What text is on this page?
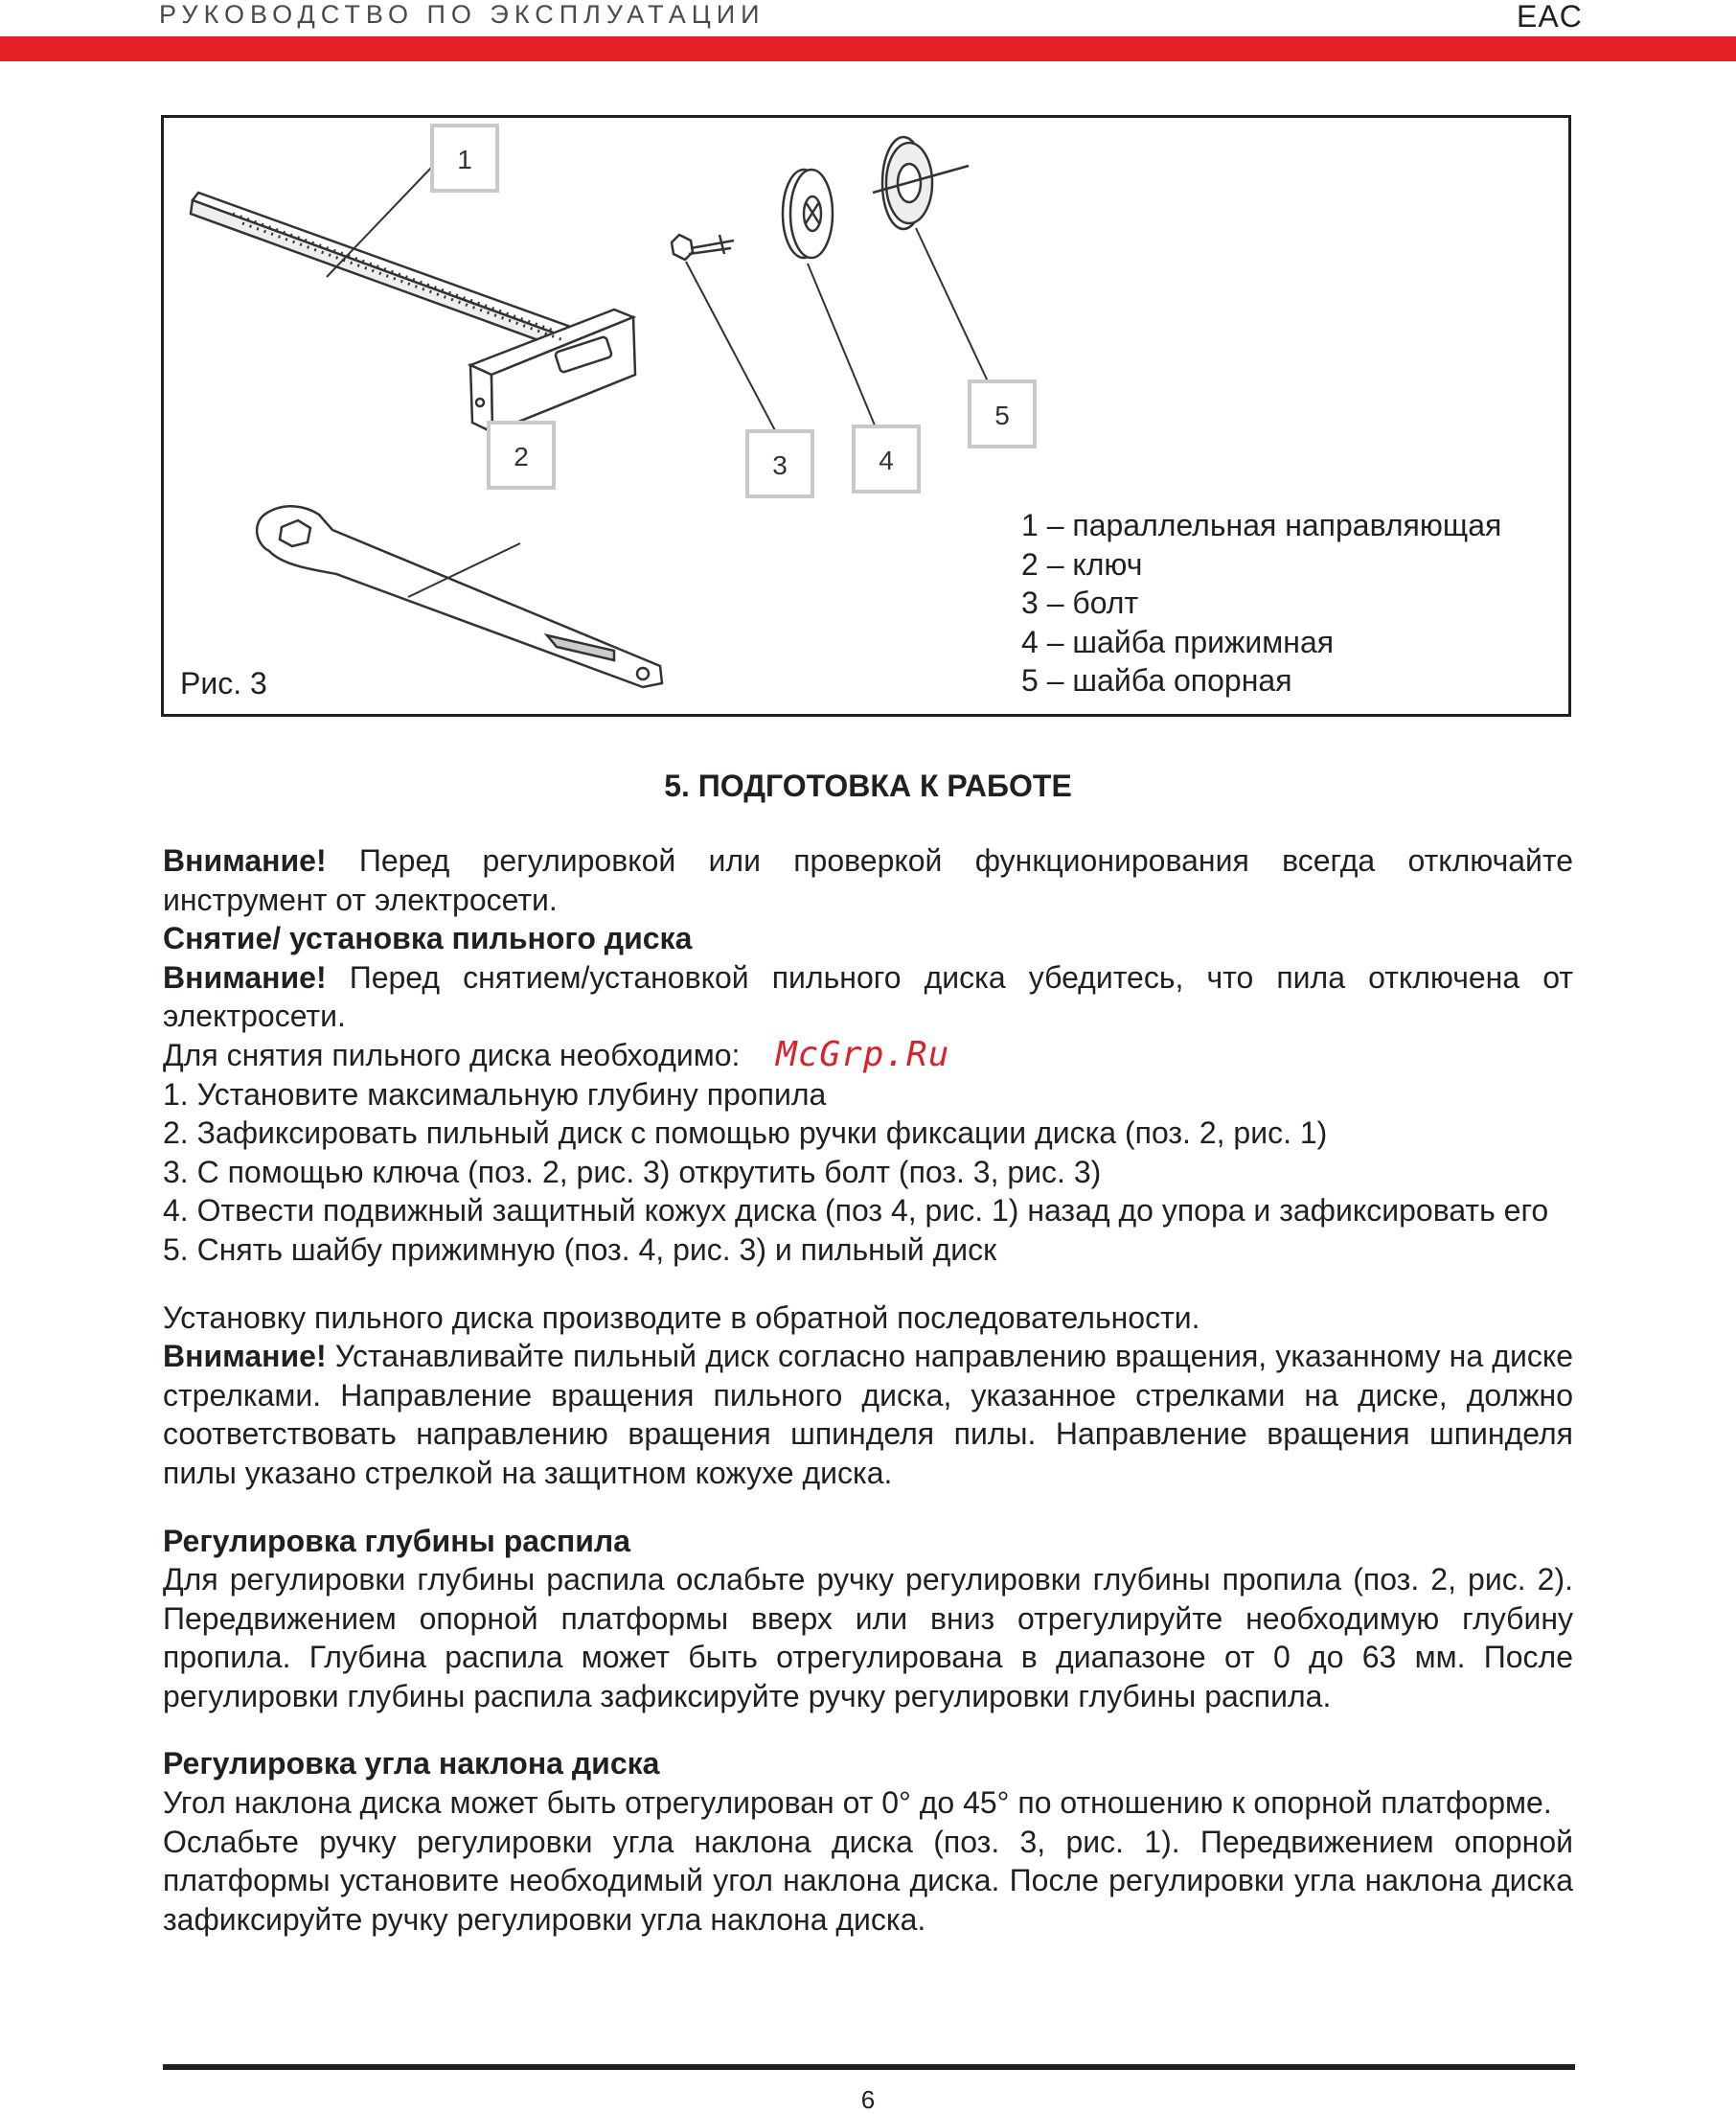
РУКОВОДСТВО ПО ЭКСПЛУАТАЦИИ	EAC
1
2	3	4
5
Рис. 3
1 – параллельная направляющая
2 – ключ
3 – болт
4 – шайба прижимная
5 – шайба опорная
5. ПОДГОТОВКА К РАБОТЕ

Внимание! Перед регулировкой или проверкой функционирования всегда отключайте инструмент от электросети.

Снятие/ установка пильного диска

Внимание! Перед снятием/установкой пильного диска убедитесь, что пила отключена от электросети.

Для снятия пильного диска необходимо:

1. Установите максимальную глубину пропила
2. Зафиксировать пильный диск с помощью ручки фиксации диска (поз. 2, рис. 1)
3. С помощью ключа (поз. 2, рис. 3) открутить болт (поз. 3, рис. 3)
4. Отвести подвижный защитный кожух диска (поз 4, рис. 1) назад до упора и зафиксировать его
5. Снять шайбу прижимную (поз. 4, рис. 3) и пильный диск

Установку пильного диска производите в обратной последовательности.

Внимание! Устанавливайте пильный диск согласно направлению вращения, указанному на диске стрелками. Направление вращения пильного диска, указанное стрелками на диске, должно соответствовать направлению вращения шпинделя пилы. Направление вращения шпинделя пилы указано стрелкой на защитном кожухе диска.

Регулировка глубины распила

Для регулировки глубины распила ослабьте ручку регулировки глубины пропила (поз. 2, рис. 2). Передвижением опорной платформы вверх или вниз отрегулируйте необходимую глубину пропила. Глубина распила может быть отрегулирована в диапазоне от 0 до 63 мм. После регулировки глубины распила зафиксируйте ручку регулировки глубины распила.

Регулировка угла наклона диска

Угол наклона диска может быть отрегулирован от 0° до 45° по отношению к опорной платформе.

Ослабьте ручку регулировки угла наклона диска (поз. 3, рис. 1). Передвижением опорной платформы установите необходимый угол наклона диска. После регулировки угла наклона диска зафиксируйте ручку регулировки угла наклона диска.

McGrp.Ru
6
